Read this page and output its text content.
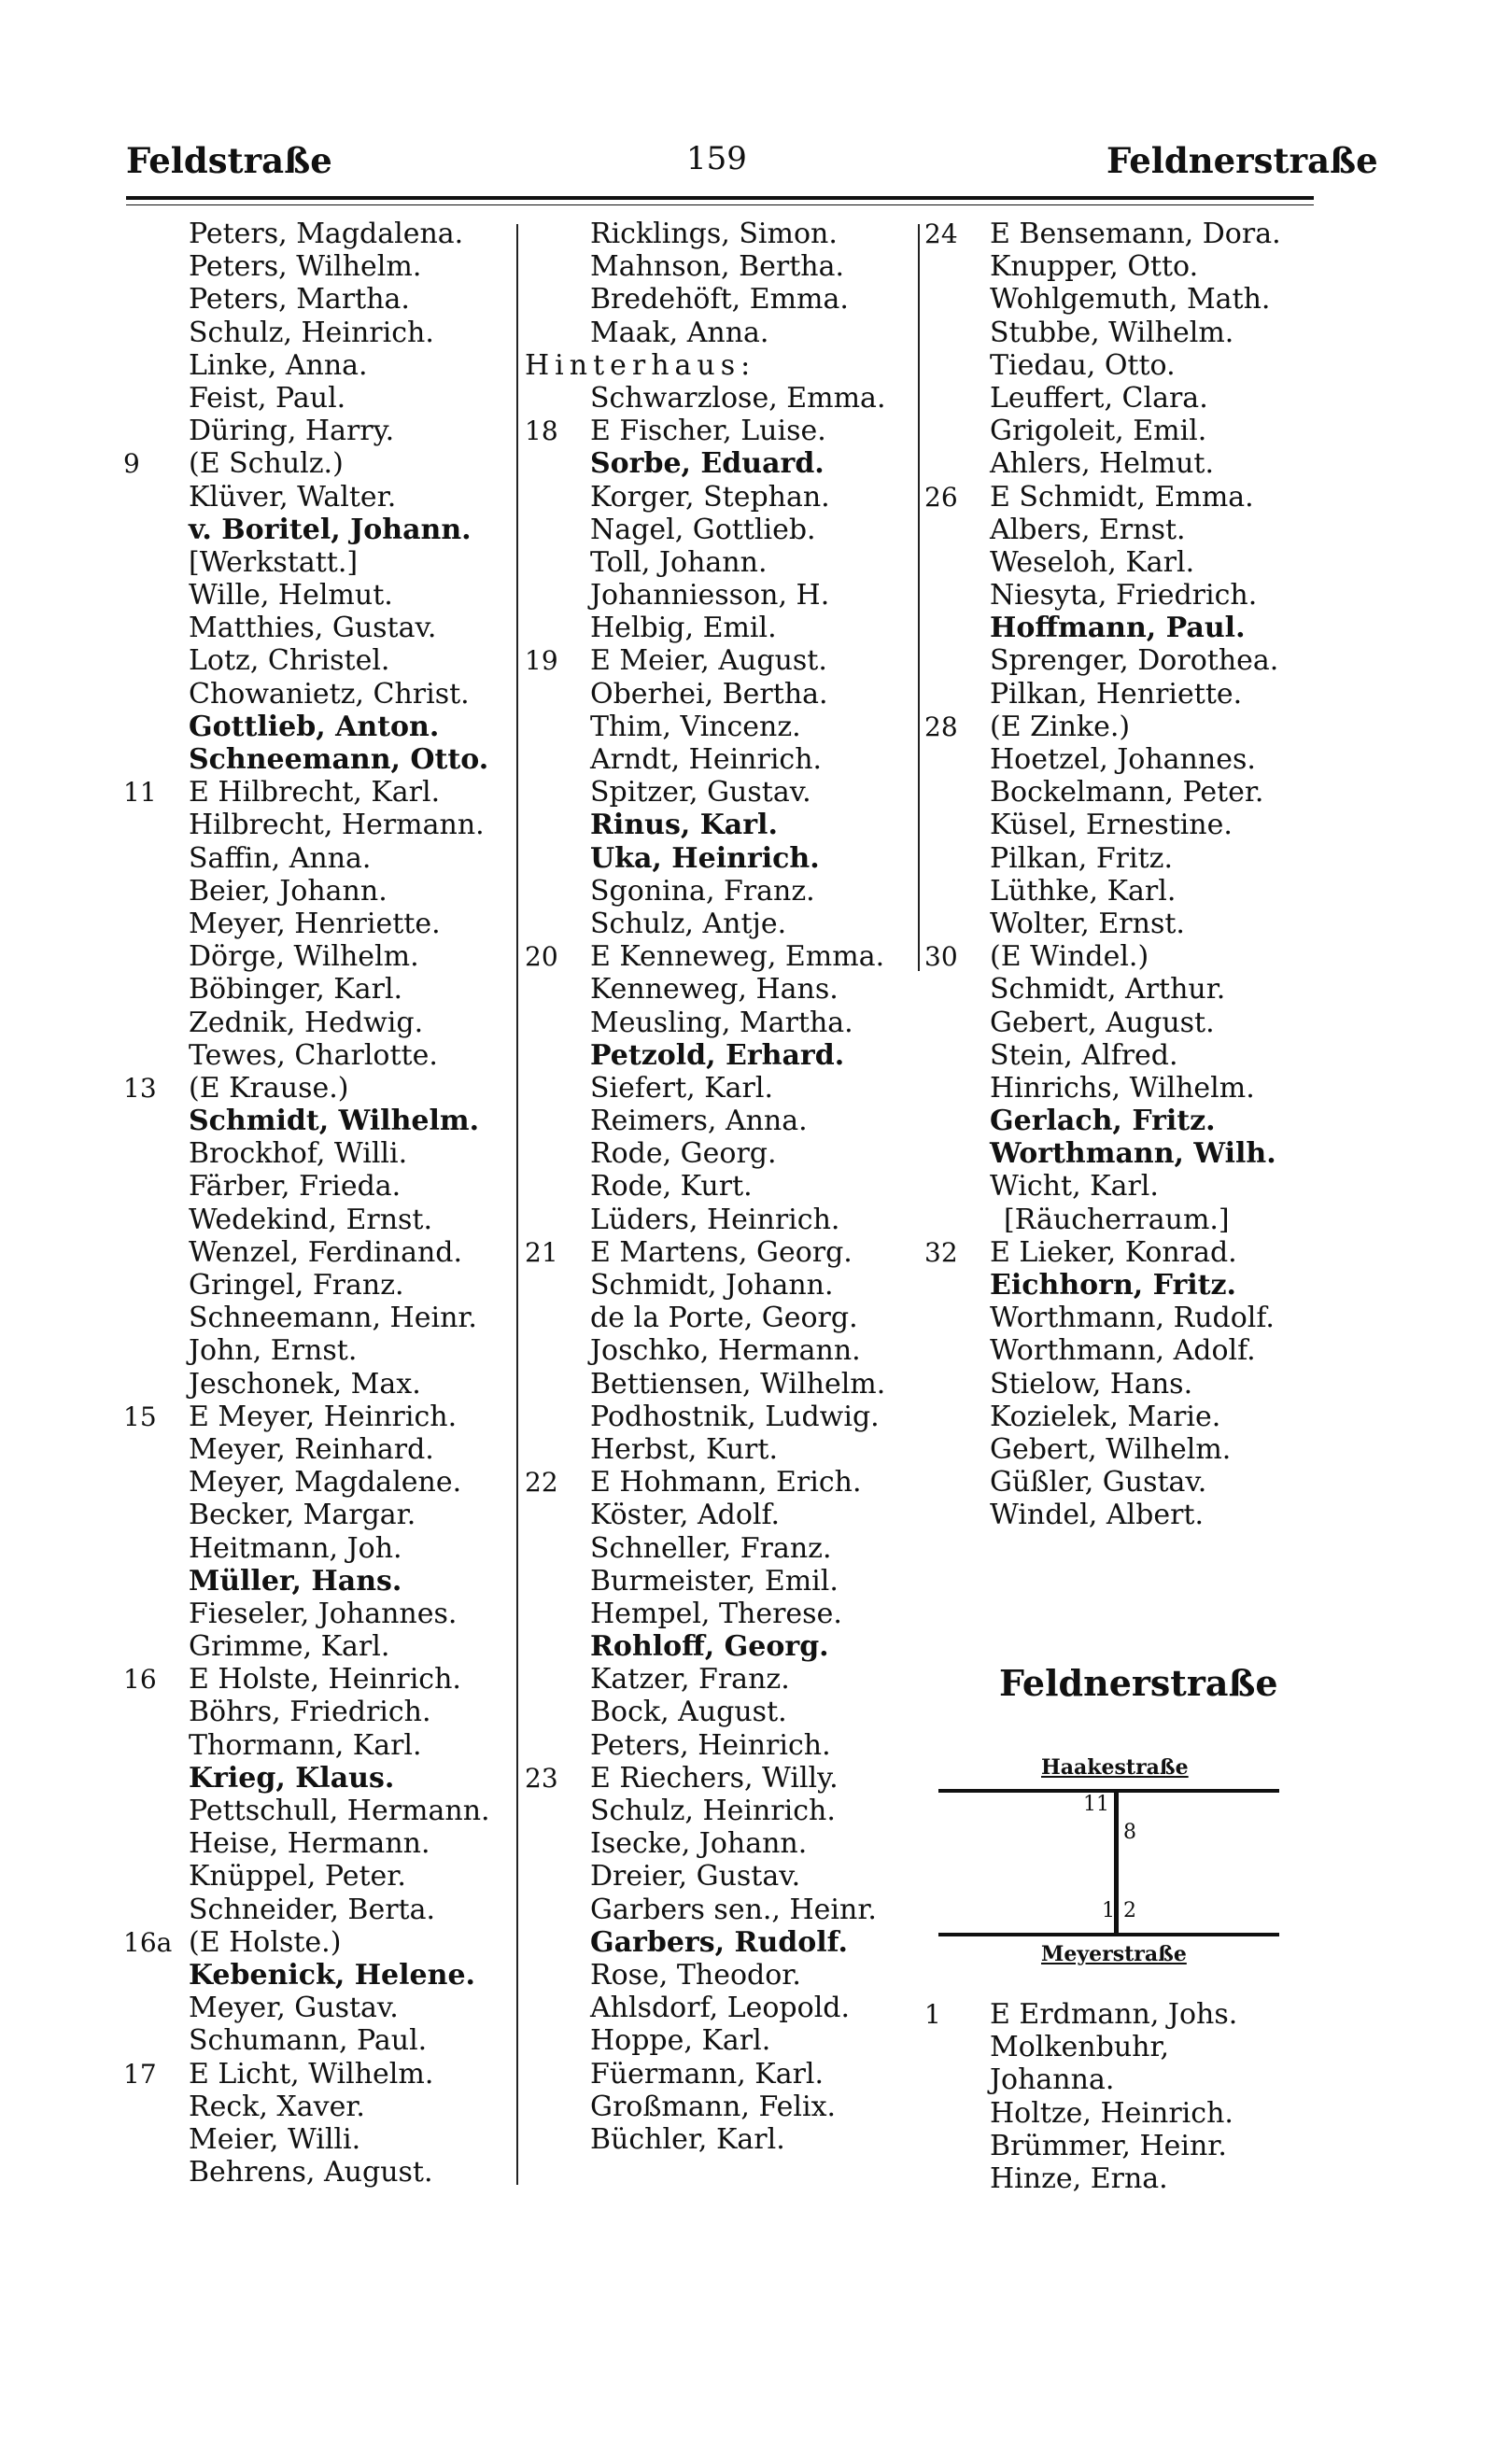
Feldstraße	159	Feldnerstraße
Peters, Magdalena.
Peters, Wilhelm.
Peters, Martha.
Schulz, Heinrich.
Linke, Anna.
Feist, Paul.
Düring, Harry.
9	(E Schulz.)
Klüver, Walter.
v. Boritel, Johann.
[Werkstatt.]
Wille, Helmut.
Matthies, Gustav.
Lotz, Christel.
Chowanietz, Christ.
Gottlieb, Anton.
Schneemann, Otto.
11	E Hilbrecht, Karl.
Hilbrecht, Hermann.
Saffin, Anna.
Beier, Johann.
Meyer, Henriette.
Dörge, Wilhelm.
Böbinger, Karl.
Zednik, Hedwig.
Tewes, Charlotte.
13	(E Krause.)
Schmidt, Wilhelm.
Brockhof, Willi.
Färber, Frieda.
Wedekind, Ernst.
Wenzel, Ferdinand.
Gringel, Franz.
Schneemann, Heinr.
John, Ernst.
Jeschonek, Max.
15	E Meyer, Heinrich.
Meyer, Reinhard.
Meyer, Magdalene.
Becker, Margar.
Heitmann, Joh.
Müller, Hans.
Fieseler, Johannes.
Grimme, Karl.
16	E Holste, Heinrich.
Böhrs, Friedrich.
Thormann, Karl.
Krieg, Klaus.
Pettschull, Hermann.
Heise, Hermann.
Knüppel, Peter.
Schneider, Berta.
16a (E Holste.)
Kebenick, Helene.
Meyer, Gustav.
Schumann, Paul.
17	E Licht, Wilhelm.
Reck, Xaver.
Meier, Willi.
Behrens, August.
Ricklings, Simon.
Mahnson, Bertha.
Bredehöft, Emma.
Maak, Anna.
Hinterhaus:
Schwarzlose, Emma.
18	E Fischer, Luise.
Sorbe, Eduard.
Korger, Stephan.
Nagel, Gottlieb.
Toll, Johann.
Johanniesson, H.
Helbig, Emil.
19	E Meier, August.
Oberhei, Bertha.
Thim, Vincenz.
Arndt, Heinrich.
Spitzer, Gustav.
Rinus, Karl.
Uka, Heinrich.
Sgonina, Franz.
Schulz, Antje.
20	E Kenneweg, Emma.
Kenneweg, Hans.
Meusling, Martha.
Petzold, Erhard.
Siefert, Karl.
Reimers, Anna.
Rode, Georg.
Rode, Kurt.
Lüders, Heinrich.
21	E Martens, Georg.
Schmidt, Johann.
de la Porte, Georg.
Joschko, Hermann.
Bettiensen, Wilhelm.
Podhostnik, Ludwig.
Herbst, Kurt.
22	E Hohmann, Erich.
Köster, Adolf.
Schneller, Franz.
Burmeister, Emil.
Hempel, Therese.
Rohloff, Georg.
Katzer, Franz.
Bock, August.
Peters, Heinrich.
23	E Riechers, Willy.
Schulz, Heinrich.
Isecke, Johann.
Dreier, Gustav.
Garbers sen., Heinr.
Garbers, Rudolf.
Rose, Theodor.
Ahlsdorf, Leopold.
Hoppe, Karl.
Füermann, Karl.
Großmann, Felix.
Büchler, Karl.
24	E Bensemann, Dora.
Knupper, Otto.
Wohlgemuth, Math.
Stubbe, Wilhelm.
Tiedau, Otto.
Leuffert, Clara.
Grigoleit, Emil.
Ahlers, Helmut.
26	E Schmidt, Emma.
Albers, Ernst.
Weseloh, Karl.
Niesyta, Friedrich.
Hoffmann, Paul.
Sprenger, Dorothea.
Pilkan, Henriette.
28	(E Zinke.)
Hoetzel, Johannes.
Bockelmann, Peter.
Küsel, Ernestine.
Pilkan, Fritz.
Lüthke, Karl.
Wolter, Ernst.
30	(E Windel.)
Schmidt, Arthur.
Gebert, August.
Stein, Alfred.
Hinrichs, Wilhelm.
Gerlach, Fritz.
Worthmann, Wilh.
Wicht, Karl.
[Räucherraum.]
32	E Lieker, Konrad.
Eichhorn, Fritz.
Worthmann, Rudolf.
Worthmann, Adolf.
Stielow, Hans.
Kozielek, Marie.
Gebert, Wilhelm.
Güßler, Gustav.
Windel, Albert.
Feldnerstraße
Haakestraße
11
8
1 2
Meyerstraße
1	E Erdmann, Johs.
Molkenbuhr,
Johanna.
Holtze, Heinrich.
Brümmer, Heinr.
Hinze, Erna.
